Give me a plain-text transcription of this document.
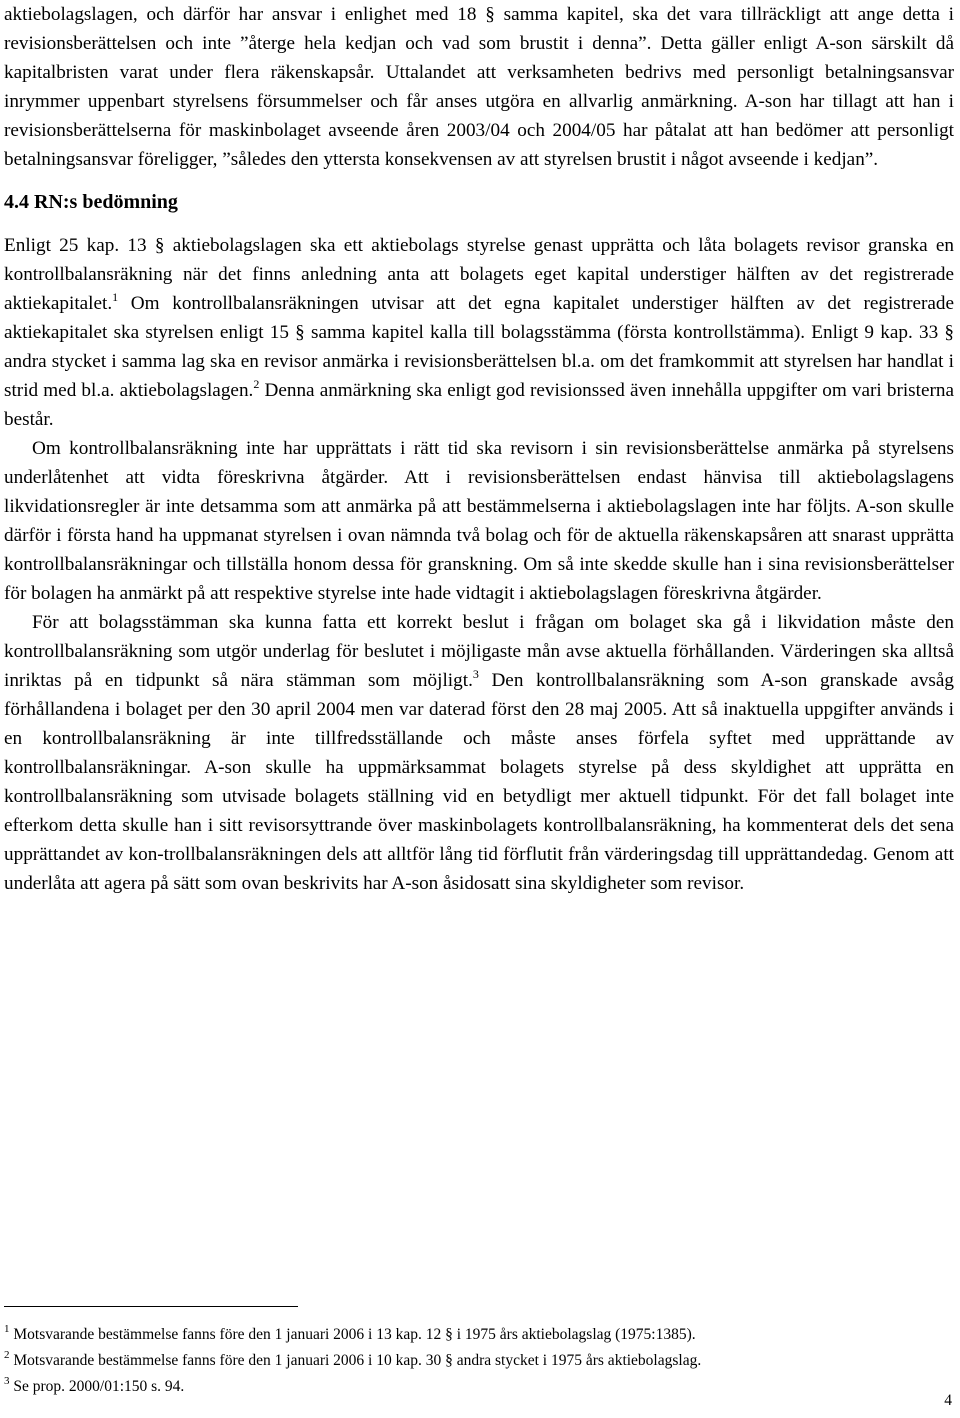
aktiebolagslagen, och därför har ansvar i enlighet med 18 § samma kapitel, ska det vara tillräckligt att ange detta i revisionsberättelsen och inte ”återge hela kedjan och vad som brustit i denna”. Detta gäller enligt A-son särskilt då kapitalbristen varat under flera räkenskapsår. Uttalandet att verksamheten bedrivs med personligt betalningsansvar inrymmer uppenbart styrelsens försummelser och får anses utgöra en allvarlig anmärkning. A-son har tillagt att han i revisionsberättelserna för maskinbolaget avseende åren 2003/04 och 2004/05 har påtalat att han bedömer att personligt betalningsansvar föreligger, ”således den yttersta konsekvensen av att styrelsen brustit i något avseende i kedjan”.

4.4 RN:s bedömning

Enligt 25 kap. 13 § aktiebolagslagen ska ett aktiebolags styrelse genast upprätta och låta bolagets revisor granska en kontrollbalansräkning när det finns anledning anta att bolagets eget kapital understiger hälften av det registrerade aktiekapitalet.$^1$ Om kontrollbalansräkningen utvisar att det egna kapitalet understiger hälften av det registrerade aktiekapitalet ska styrelsen enligt 15 § samma kapitel kalla till bolagsstämma (första kontrollstämma). Enligt 9 kap. 33 § andra stycket i samma lag ska en revisor anmärka i revisionsberättelsen bl.a. om det framkommit att styrelsen har handlat i strid med bl.a. aktiebolagslagen.$^2$ Denna anmärkning ska enligt god revisionssed även innehålla uppgifter om vari bristerna består.

Om kontrollbalansräkning inte har upprättats i rätt tid ska revisorn i sin revisionsberättelse anmärka på styrelsens underlåtenhet att vidta föreskrivna åtgärder. Att i revisionsberättelsen endast hänvisa till aktiebolagslagens likvidationsregler är inte detsamma som att anmärka på att bestämmelserna i aktiebolagslagen inte har följts. A-son skulle därför i första hand ha uppmanat styrelsen i ovan nämnda två bolag och för de aktuella räkenskapsåren att snarast upprätta kontrollbalansräkningar och tillställa honom dessa för granskning. Om så inte skedde skulle han i sina revisionsberättelser för bolagen ha anmärkt på att respektive styrelse inte hade vidtagit i aktiebolagslagen föreskrivna åtgärder.

För att bolagsstämman ska kunna fatta ett korrekt beslut i frågan om bolaget ska gå i likvidation måste den kontrollbalansräkning som utgör underlag för beslutet i möjligaste mån avse aktuella förhållanden. Värderingen ska alltså inriktas på en tidpunkt så nära stämman som möjligt.$^3$ Den kontrollbalansräkning som A-son granskade avsåg förhållandena i bolaget per den 30 april 2004 men var daterad först den 28 maj 2005. Att så inaktuella uppgifter används i en kontrollbalansräkning är inte tillfredsställande och måste anses förfela syftet med upprättande av kontrollbalansräkningar. A-son skulle ha uppmärksammat bolagets styrelse på dess skyldighet att upprätta en kontrollbalansräkning som utvisade bolagets ställning vid en betydligt mer aktuell tidpunkt. För det fall bolaget inte efterkom detta skulle han i sitt revisorsyttrande över maskinbolagets kontrollbalansräkning, ha kommenterat dels det sena upprättandet av kon-trollbalansräkningen dels att alltför lång tid förflutit från värderingsdag till upprättandedag. Genom att underlåta att agera på sätt som ovan beskrivits har A-son åsidosatt sina skyldigheter som revisor.

$^1$ Motsvarande bestämmelse fanns före den 1 januari 2006 i 13 kap. 12 § i 1975 års aktiebolagslag (1975:1385).

$^2$ Motsvarande bestämmelse fanns före den 1 januari 2006 i 10 kap. 30 § andra stycket i 1975 års aktiebolagslag.

$^3$ Se prop. 2000/01:150 s. 94.

4
